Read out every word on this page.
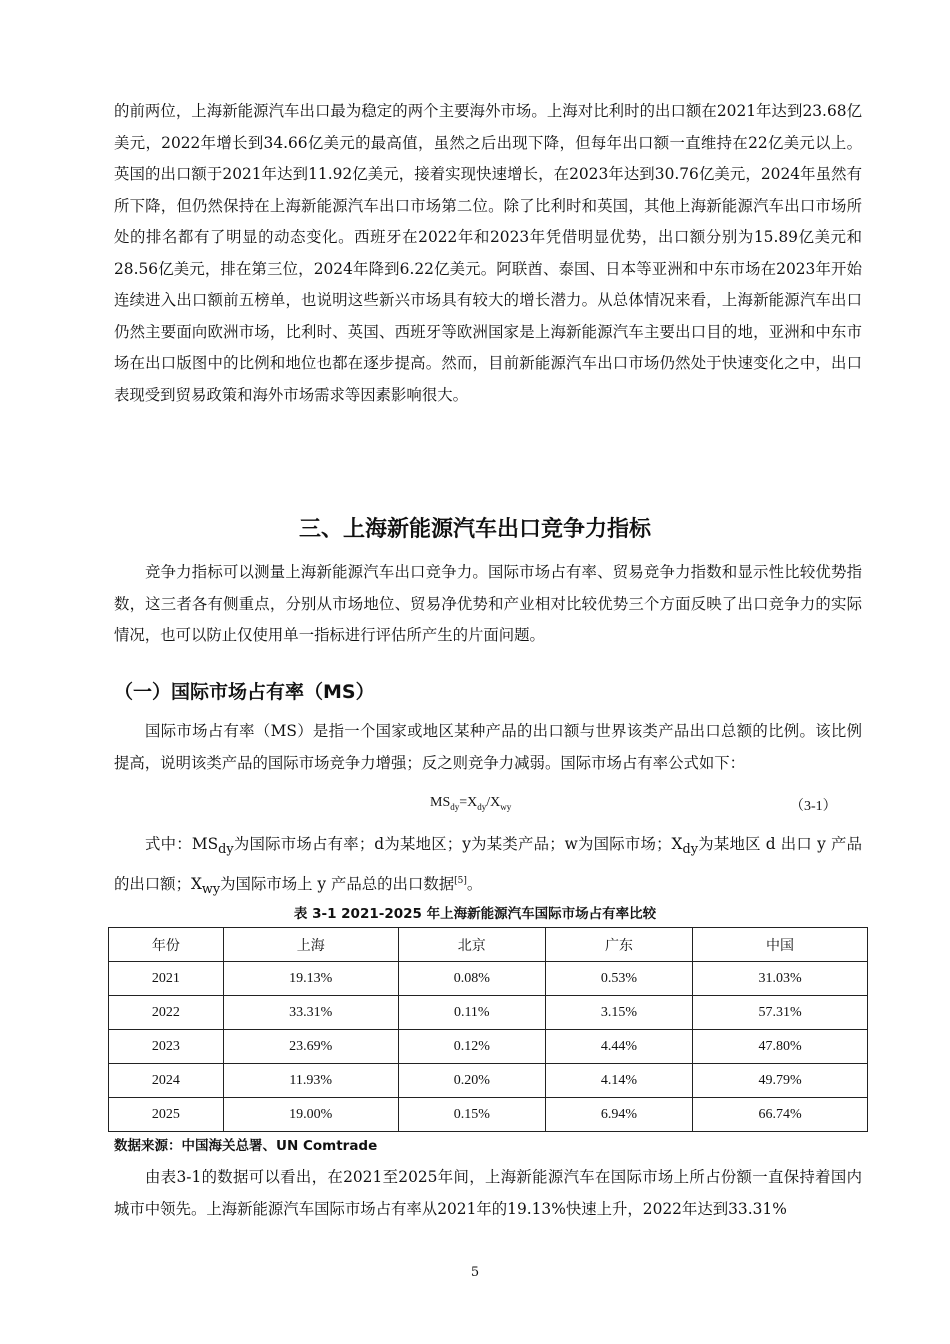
的前两位，上海新能源汽车出口最为稳定的两个主要海外市场。上海对比利时的出口额在2021年达到23.68亿美元，2022年增长到34.66亿美元的最高值，虽然之后出现下降，但每年出口额一直维持在22亿美元以上。英国的出口额于2021年达到11.92亿美元，接着实现快速增长，在2023年达到30.76亿美元，2024年虽然有所下降，但仍然保持在上海新能源汽车出口市场第二位。除了比利时和英国，其他上海新能源汽车出口市场所处的排名都有了明显的动态变化。西班牙在2022年和2023年凭借明显优势，出口额分别为15.89亿美元和28.56亿美元，排在第三位，2024年降到6.22亿美元。阿联酋、泰国、日本等亚洲和中东市场在2023年开始连续进入出口额前五榜单，也说明这些新兴市场具有较大的增长潜力。从总体情况来看，上海新能源汽车出口仍然主要面向欧洲市场，比利时、英国、西班牙等欧洲国家是上海新能源汽车主要出口目的地，亚洲和中东市场在出口版图中的比例和地位也都在逐步提高。然而，目前新能源汽车出口市场仍然处于快速变化之中，出口表现受到贸易政策和海外市场需求等因素影响很大。

三、上海新能源汽车出口竞争力指标

竞争力指标可以测量上海新能源汽车出口竞争力。国际市场占有率、贸易竞争力指数和显示性比较优势指数，这三者各有侧重点，分别从市场地位、贸易净优势和产业相对比较优势三个方面反映了出口竞争力的实际情况，也可以防止仅使用单一指标进行评估所产生的片面问题。

（一）国际市场占有率（MS）

国际市场占有率（MS）是指一个国家或地区某种产品的出口额与世界该类产品出口总额的比例。该比例提高，说明该类产品的国际市场竞争力增强；反之则竞争力减弱。国际市场占有率公式如下：

$MS_{dy}=X_{dy}/X_{wy}$	（3-1）

式中：$MS_{dy}$为国际市场占有率；d为某地区；y为某类产品；w为国际市场；$X_{dy}$为某地区 d 出口 y 产品的出口额；$X_{wy}$为国际市场上 y 产品总的出口数据[5]。

表 3-1 2021-2025 年上海新能源汽车国际市场占有率比较
年份	上海	北京	广东	中国
2021	19.13%	0.08%	0.53%	31.03%
2022	33.31%	0.11%	3.15%	57.31%
2023	23.69%	0.12%	4.44%	47.80%
2024	11.93%	0.20%	4.14%	49.79%
2025	19.00%	0.15%	6.94%	66.74%
数据来源：中国海关总署、UN Comtrade

由表3-1的数据可以看出，在2021至2025年间，上海新能源汽车在国际市场上所占份额一直保持着国内城市中领先。上海新能源汽车国际市场占有率从2021年的19.13%快速上升，2022年达到33.31%

5
